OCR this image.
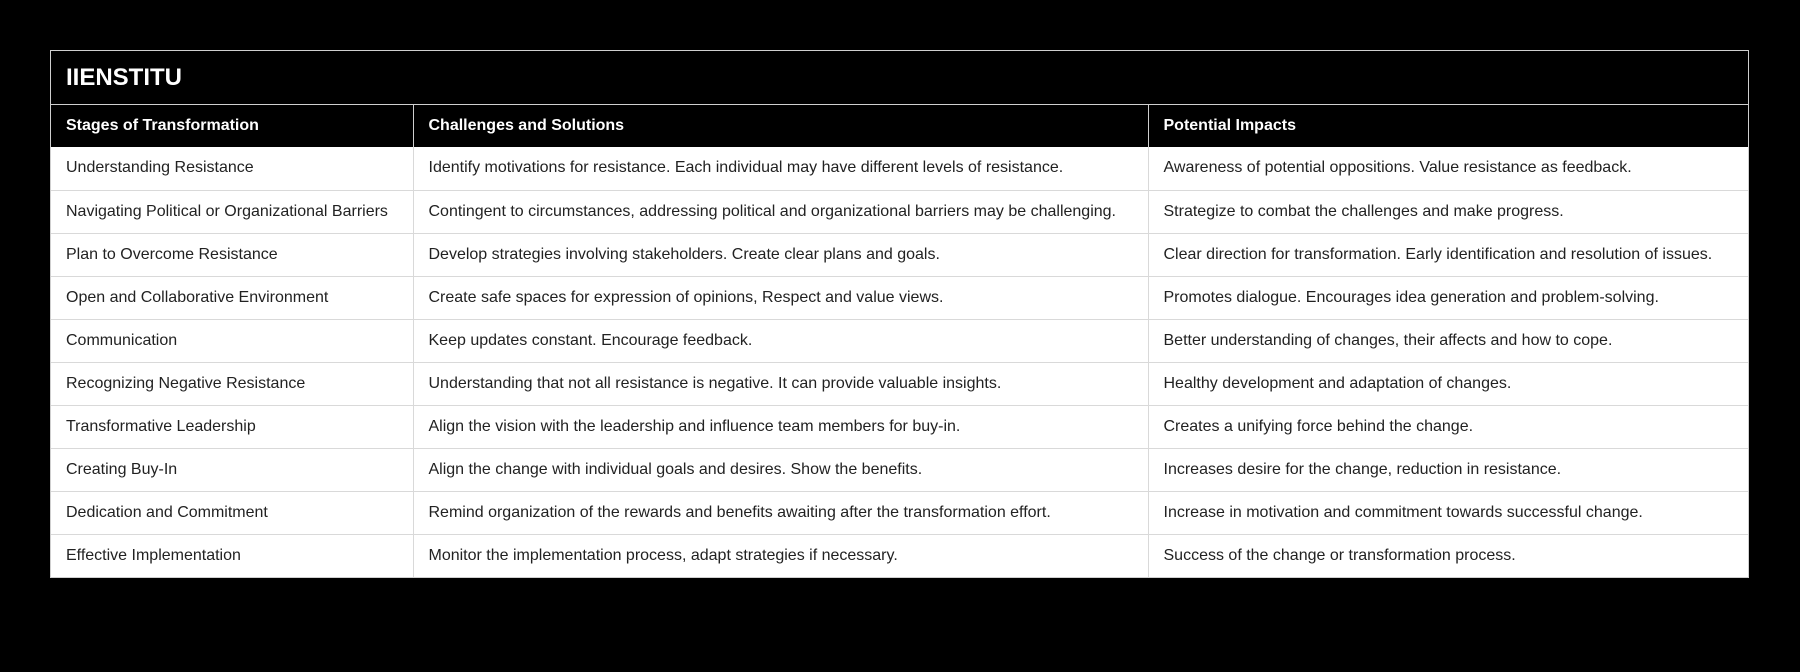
IIENSTITU
Stages of Transformation	Challenges and Solutions	Potential Impacts
Understanding Resistance	Identify motivations for resistance. Each individual may have different levels of resistance.	Awareness of potential oppositions. Value resistance as feedback.
Navigating Political or Organizational Barriers	Contingent to circumstances, addressing political and organizational barriers may be challenging.	Strategize to combat the challenges and make progress.
Plan to Overcome Resistance	Develop strategies involving stakeholders. Create clear plans and goals.	Clear direction for transformation. Early identification and resolution of issues.
Open and Collaborative Environment	Create safe spaces for expression of opinions, Respect and value views.	Promotes dialogue. Encourages idea generation and problem-solving.
Communication	Keep updates constant. Encourage feedback.	Better understanding of changes, their affects and how to cope.
Recognizing Negative Resistance	Understanding that not all resistance is negative. It can provide valuable insights.	Healthy development and adaptation of changes.
Transformative Leadership	Align the vision with the leadership and influence team members for buy-in.	Creates a unifying force behind the change.
Creating Buy-In	Align the change with individual goals and desires. Show the benefits.	Increases desire for the change, reduction in resistance.
Dedication and Commitment	Remind organization of the rewards and benefits awaiting after the transformation effort.	Increase in motivation and commitment towards successful change.
Effective Implementation	Monitor the implementation process, adapt strategies if necessary.	Success of the change or transformation process.
